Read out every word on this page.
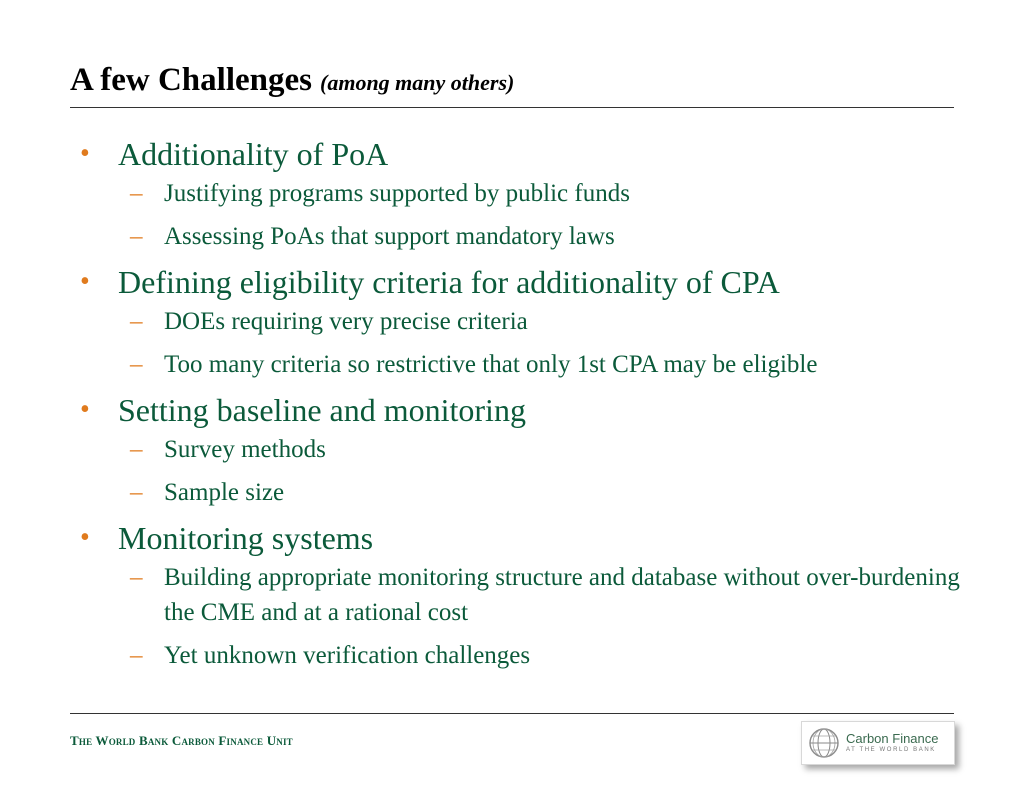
A few Challenges (among many others)
• Additionality of PoA
– Justifying programs supported by public funds
– Assessing PoAs that support mandatory laws
• Defining eligibility criteria for additionality of CPA
– DOEs requiring very precise criteria
– Too many criteria so restrictive that only 1st CPA may be eligible
• Setting baseline and monitoring
– Survey methods
– Sample size
• Monitoring systems
– Building appropriate monitoring structure and database without over-burdening the CME and at a rational cost
– Yet unknown verification challenges
The World Bank Carbon Finance Unit	Carbon Finance
AT THE WORLD BANK
